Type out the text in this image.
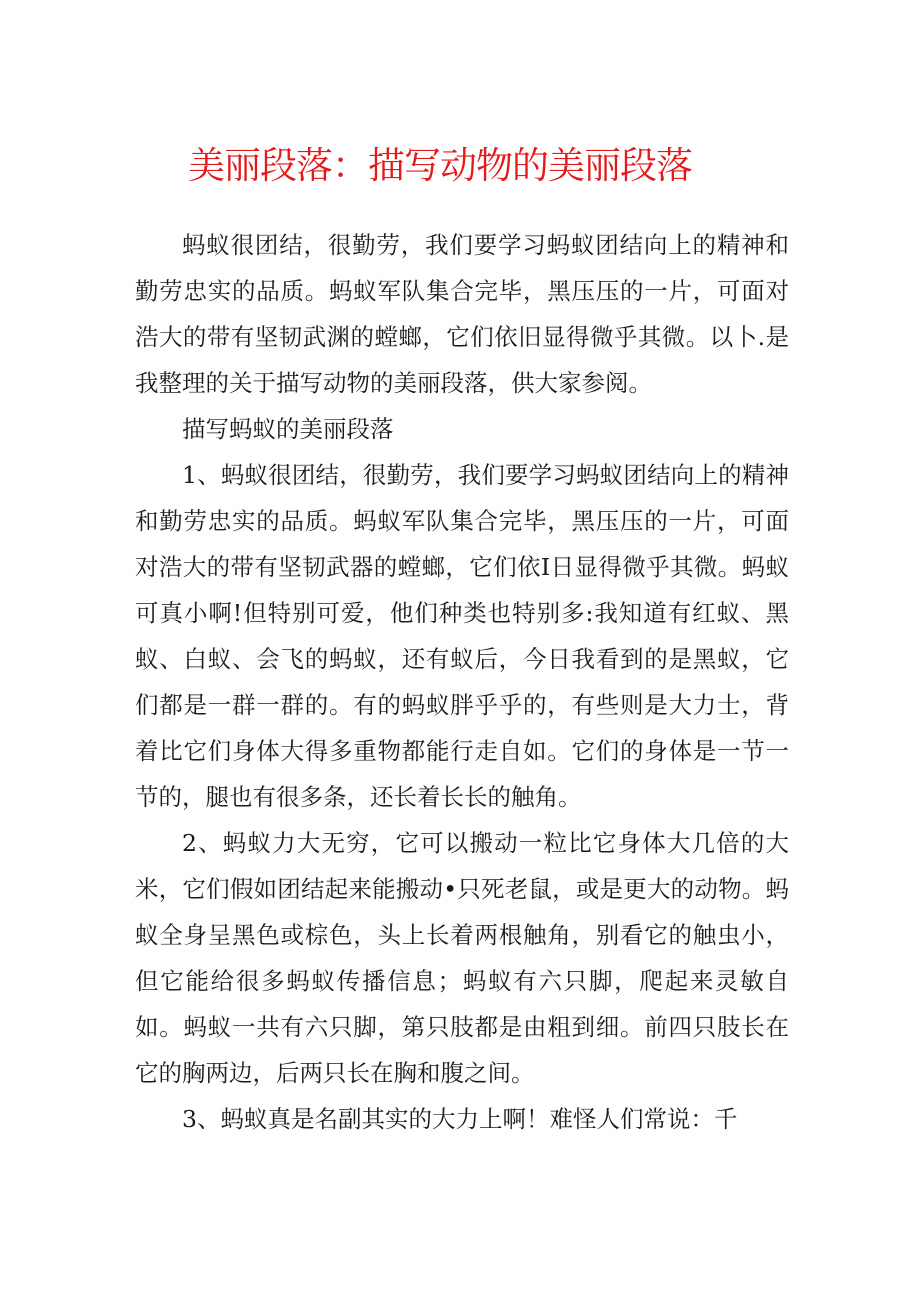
美丽段落：描写动物的美丽段落

蚂蚁很团结，很勤劳，我们要学习蚂蚁团结向上的精神和勤劳忠实的品质。蚂蚁军队集合完毕，黑压压的一片，可面对浩大的带有坚韧武渊的螳螂，它们依旧显得微乎其微。以卜.是我整理的关于描写动物的美丽段落，供大家参阅。

描写蚂蚁的美丽段落

1、蚂蚁很团结，很勤劳，我们要学习蚂蚁团结向上的精神和勤劳忠实的品质。蚂蚁军队集合完毕，黑压压的一片，可面对浩大的带有坚韧武器的螳螂，它们依I日显得微乎其微。蚂蚁可真小啊!但特别可爱，他们种类也特别多:我知道有红蚁、黑蚁、白蚁、会飞的蚂蚁，还有蚁后，今日我看到的是黑蚁，它们都是一群一群的。有的蚂蚁胖乎乎的，有些则是大力士，背着比它们身体大得多重物都能行走自如。它们的身体是一节一节的，腿也有很多条，还长着长长的触角。

2、蚂蚁力大无穷，它可以搬动一粒比它身体大几倍的大米，它们假如团结起来能搬动•只死老鼠，或是更大的动物。蚂蚁全身呈黑色或棕色，头上长着两根触角，别看它的触虫小，但它能给很多蚂蚁传播信息；蚂蚁有六只脚，爬起来灵敏自如。蚂蚁一共有六只脚，第只肢都是由粗到细。前四只肢长在它的胸两边，后两只长在胸和腹之间。

3、蚂蚁真是名副其实的大力上啊！难怪人们常说：千
